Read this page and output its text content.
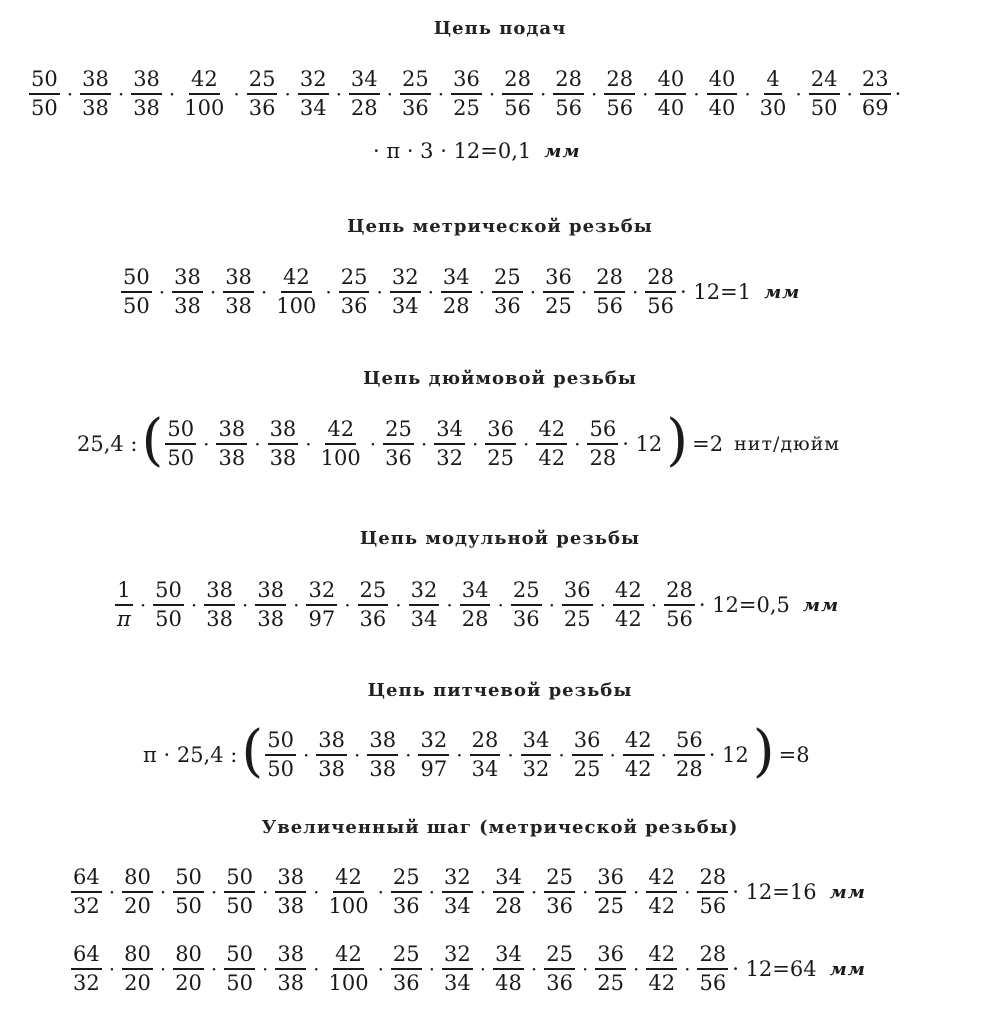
Цепь подач
Цепь метрической резьбы
Цепь дюймовой резьбы
Цепь модульной резьбы
Цепь питчевой резьбы
Увеличенный шаг (метрической резьбы)
$\frac{50}{50} \cdot \frac{38}{38} \cdot \frac{38}{38} \cdot \frac{42}{100} \cdot \frac{25}{36} \cdot \frac{32}{34} \cdot \frac{34}{28} \cdot \frac{25}{36} \cdot \frac{36}{25} \cdot \frac{28}{56} \cdot \frac{28}{56} \cdot \frac{28}{56} \cdot \frac{40}{40} \cdot \frac{40}{40} \cdot \frac{4}{30} \cdot \frac{24}{50} \cdot \frac{23}{69}$ ·
· π · 3 · 12=0,1 мм
$\frac{50}{50} \cdot \frac{38}{38} \cdot \frac{38}{38} \cdot \frac{42}{100} \cdot \frac{25}{36} \cdot \frac{32}{34} \cdot \frac{34}{28} \cdot \frac{25}{36} \cdot \frac{36}{25} \cdot \frac{28}{56} \cdot \frac{28}{56} \cdot 12=1$ мм
25,4 : ( $\frac{50}{50} \cdot \frac{38}{38} \cdot \frac{38}{38} \cdot \frac{42}{100} \cdot \frac{25}{36} \cdot \frac{34}{32} \cdot \frac{36}{25} \cdot \frac{42}{42} \cdot \frac{56}{28} \cdot 12$ ) =2 нит/дюйм
$\frac{1}{\pi} \cdot \frac{50}{50} \cdot \frac{38}{38} \cdot \frac{38}{38} \cdot \frac{32}{97} \cdot \frac{25}{36} \cdot \frac{32}{34} \cdot \frac{34}{28} \cdot \frac{25}{36} \cdot \frac{36}{25} \cdot \frac{42}{42} \cdot \frac{28}{56} \cdot 12=0,5$ мм
π · 25,4 : ( $\frac{50}{50} \cdot \frac{38}{38} \cdot \frac{38}{38} \cdot \frac{32}{97} \cdot \frac{28}{34} \cdot \frac{34}{32} \cdot \frac{36}{25} \cdot \frac{42}{42} \cdot \frac{56}{28} \cdot 12$ ) =8
$\frac{64}{32} \cdot \frac{80}{20} \cdot \frac{50}{50} \cdot \frac{50}{50} \cdot \frac{38}{38} \cdot \frac{42}{100} \cdot \frac{25}{36} \cdot \frac{32}{34} \cdot \frac{34}{28} \cdot \frac{25}{36} \cdot \frac{36}{25} \cdot \frac{42}{42} \cdot \frac{28}{56} \cdot 12=16$ мм
$\frac{64}{32} \cdot \frac{80}{20} \cdot \frac{80}{20} \cdot \frac{50}{50} \cdot \frac{38}{38} \cdot \frac{42}{100} \cdot \frac{25}{36} \cdot \frac{32}{34} \cdot \frac{34}{48} \cdot \frac{25}{36} \cdot \frac{36}{25} \cdot \frac{42}{42} \cdot \frac{28}{56} \cdot 12=64$ мм
